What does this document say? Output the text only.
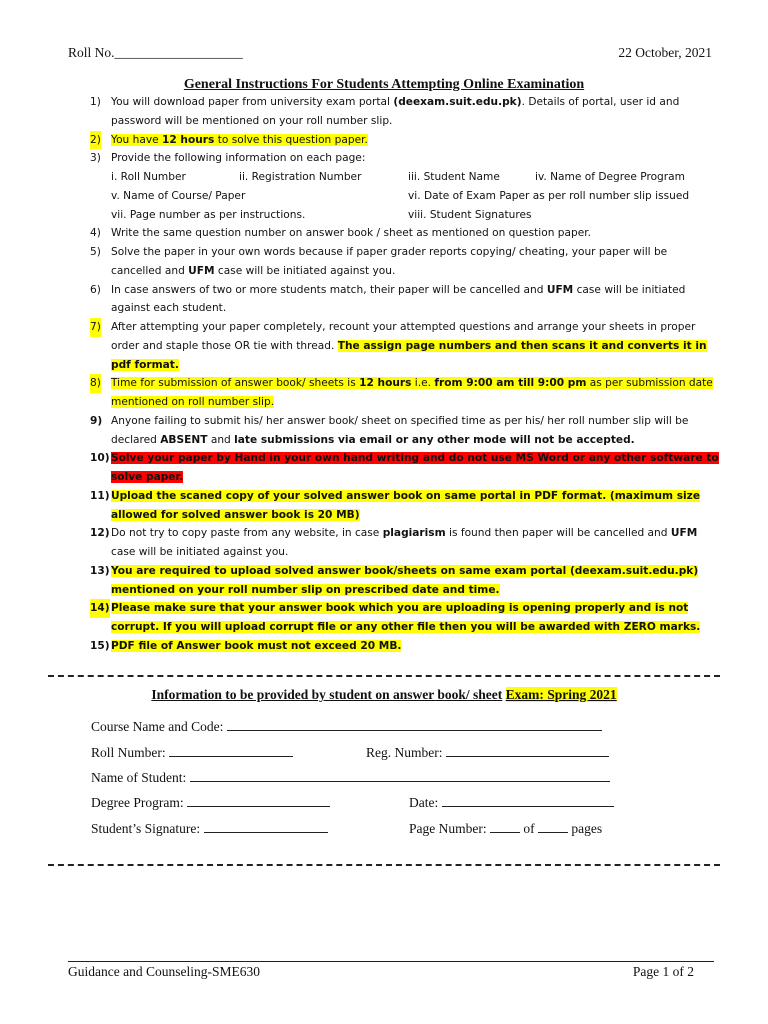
Roll No.___________________	22 October, 2021
General Instructions For Students Attempting Online Examination
1) You will download paper from university exam portal (deexam.suit.edu.pk). Details of portal, user id and password will be mentioned on your roll number slip.
2) You have 12 hours to solve this question paper.
3) Provide the following information on each page:
i. Roll Number	ii. Registration Number	iii. Student Name	iv. Name of Degree Program
v. Name of Course/ Paper	vi. Date of Exam Paper as per roll number slip issued
vii. Page number as per instructions.	viii. Student Signatures
4) Write the same question number on answer book / sheet as mentioned on question paper.
5) Solve the paper in your own words because if paper grader reports copying/ cheating, your paper will be cancelled and UFM case will be initiated against you.
6) In case answers of two or more students match, their paper will be cancelled and UFM case will be initiated against each student.
7) After attempting your paper completely, recount your attempted questions and arrange your sheets in proper order and staple those OR tie with thread. The assign page numbers and then scans it and converts it in pdf format.
8) Time for submission of answer book/ sheets is 12 hours i.e. from 9:00 am till 9:00 pm as per submission date mentioned on roll number slip.
9) Anyone failing to submit his/ her answer book/ sheet on specified time as per his/ her roll number slip will be declared ABSENT and late submissions via email or any other mode will not be accepted.
10) Solve your paper by Hand in your own hand writing and do not use MS Word or any other software to solve paper.
11) Upload the scaned copy of your solved answer book on same portal in PDF format. (maximum size allowed for solved answer book is 20 MB)
12) Do not try to copy paste from any website, in case plagiarism is found then paper will be cancelled and UFM case will be initiated against you.
13) You are required to upload solved answer book/sheets on same exam portal (deexam.suit.edu.pk) mentioned on your roll number slip on prescribed date and time.
14) Please make sure that your answer book which you are uploading is opening properly and is not corrupt. If you will upload corrupt file or any other file then you will be awarded with ZERO marks.
15) PDF file of Answer book must not exceed 20 MB.
Information to be provided by student on answer book/ sheet Exam: Spring 2021
Course Name and Code:
Roll Number:	Reg. Number:
Name of Student:
Degree Program:	Date:
Student’s Signature:	Page Number:	of	pages
Guidance and Counseling-SME630	Page 1 of 2
